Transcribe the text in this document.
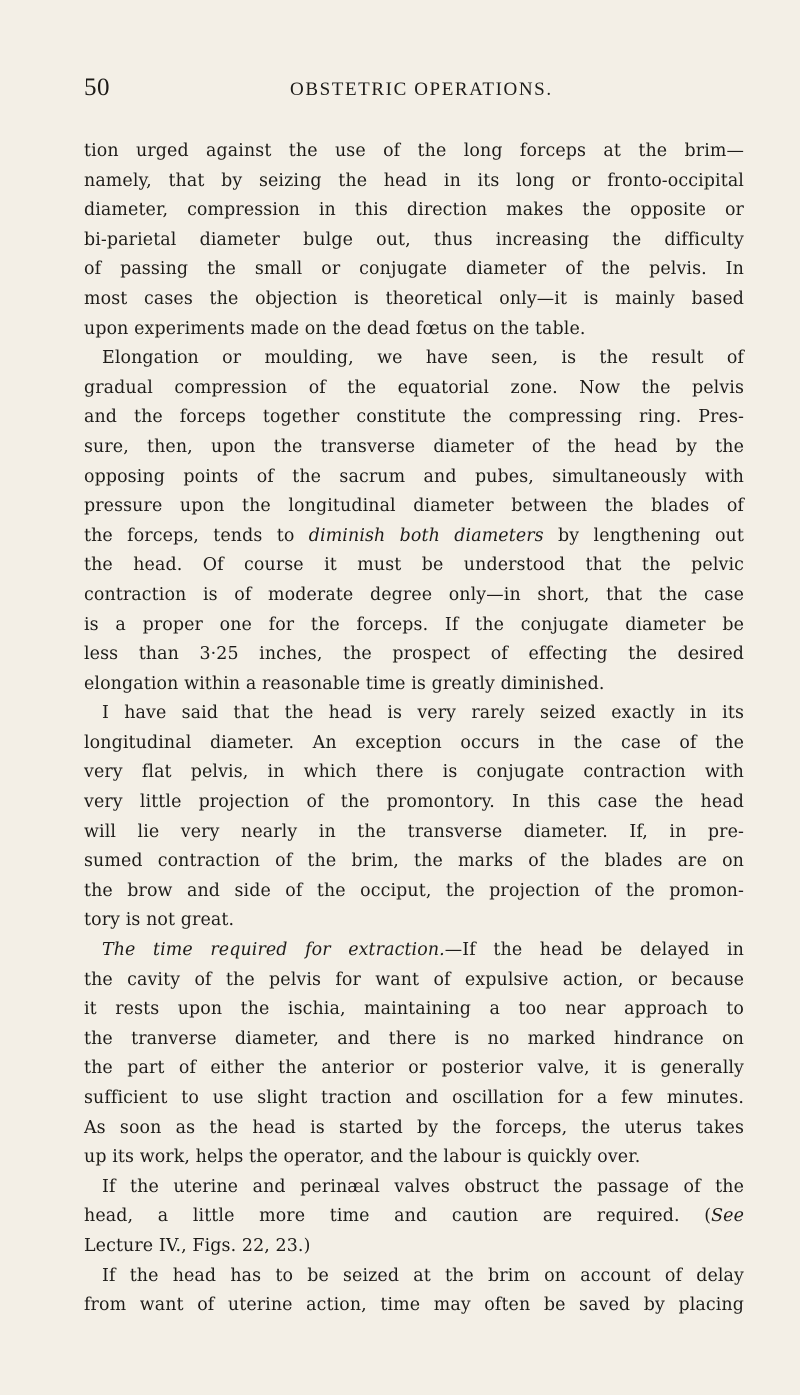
50	OBSTETRIC OPERATIONS.
tion urged against the use of the long forceps at the brim—
namely, that by seizing the head in its long or fronto-occipital
diameter, compression in this direction makes the opposite or
bi-parietal diameter bulge out, thus increasing the difficulty
of passing the small or conjugate diameter of the pelvis. In
most cases the objection is theoretical only—it is mainly based
upon experiments made on the dead fœtus on the table.
Elongation or moulding, we have seen, is the result of
gradual compression of the equatorial zone. Now the pelvis
and the forceps together constitute the compressing ring. Pres-
sure, then, upon the transverse diameter of the head by the
opposing points of the sacrum and pubes, simultaneously with
pressure upon the longitudinal diameter between the blades of
the forceps, tends to diminish both diameters by lengthening out
the head. Of course it must be understood that the pelvic
contraction is of moderate degree only—in short, that the case
is a proper one for the forceps. If the conjugate diameter be
less than 3·25 inches, the prospect of effecting the desired
elongation within a reasonable time is greatly diminished.
I have said that the head is very rarely seized exactly in its
longitudinal diameter. An exception occurs in the case of the
very flat pelvis, in which there is conjugate contraction with
very little projection of the promontory. In this case the head
will lie very nearly in the transverse diameter. If, in pre-
sumed contraction of the brim, the marks of the blades are on
the brow and side of the occiput, the projection of the promon-
tory is not great.
The time required for extraction.—If the head be delayed in
the cavity of the pelvis for want of expulsive action, or because
it rests upon the ischia, maintaining a too near approach to
the tranverse diameter, and there is no marked hindrance on
the part of either the anterior or posterior valve, it is generally
sufficient to use slight traction and oscillation for a few minutes.
As soon as the head is started by the forceps, the uterus takes
up its work, helps the operator, and the labour is quickly over.
If the uterine and perinæal valves obstruct the passage of the
head, a little more time and caution are required. (See
Lecture IV., Figs. 22, 23.)
If the head has to be seized at the brim on account of delay
from want of uterine action, time may often be saved by placing
